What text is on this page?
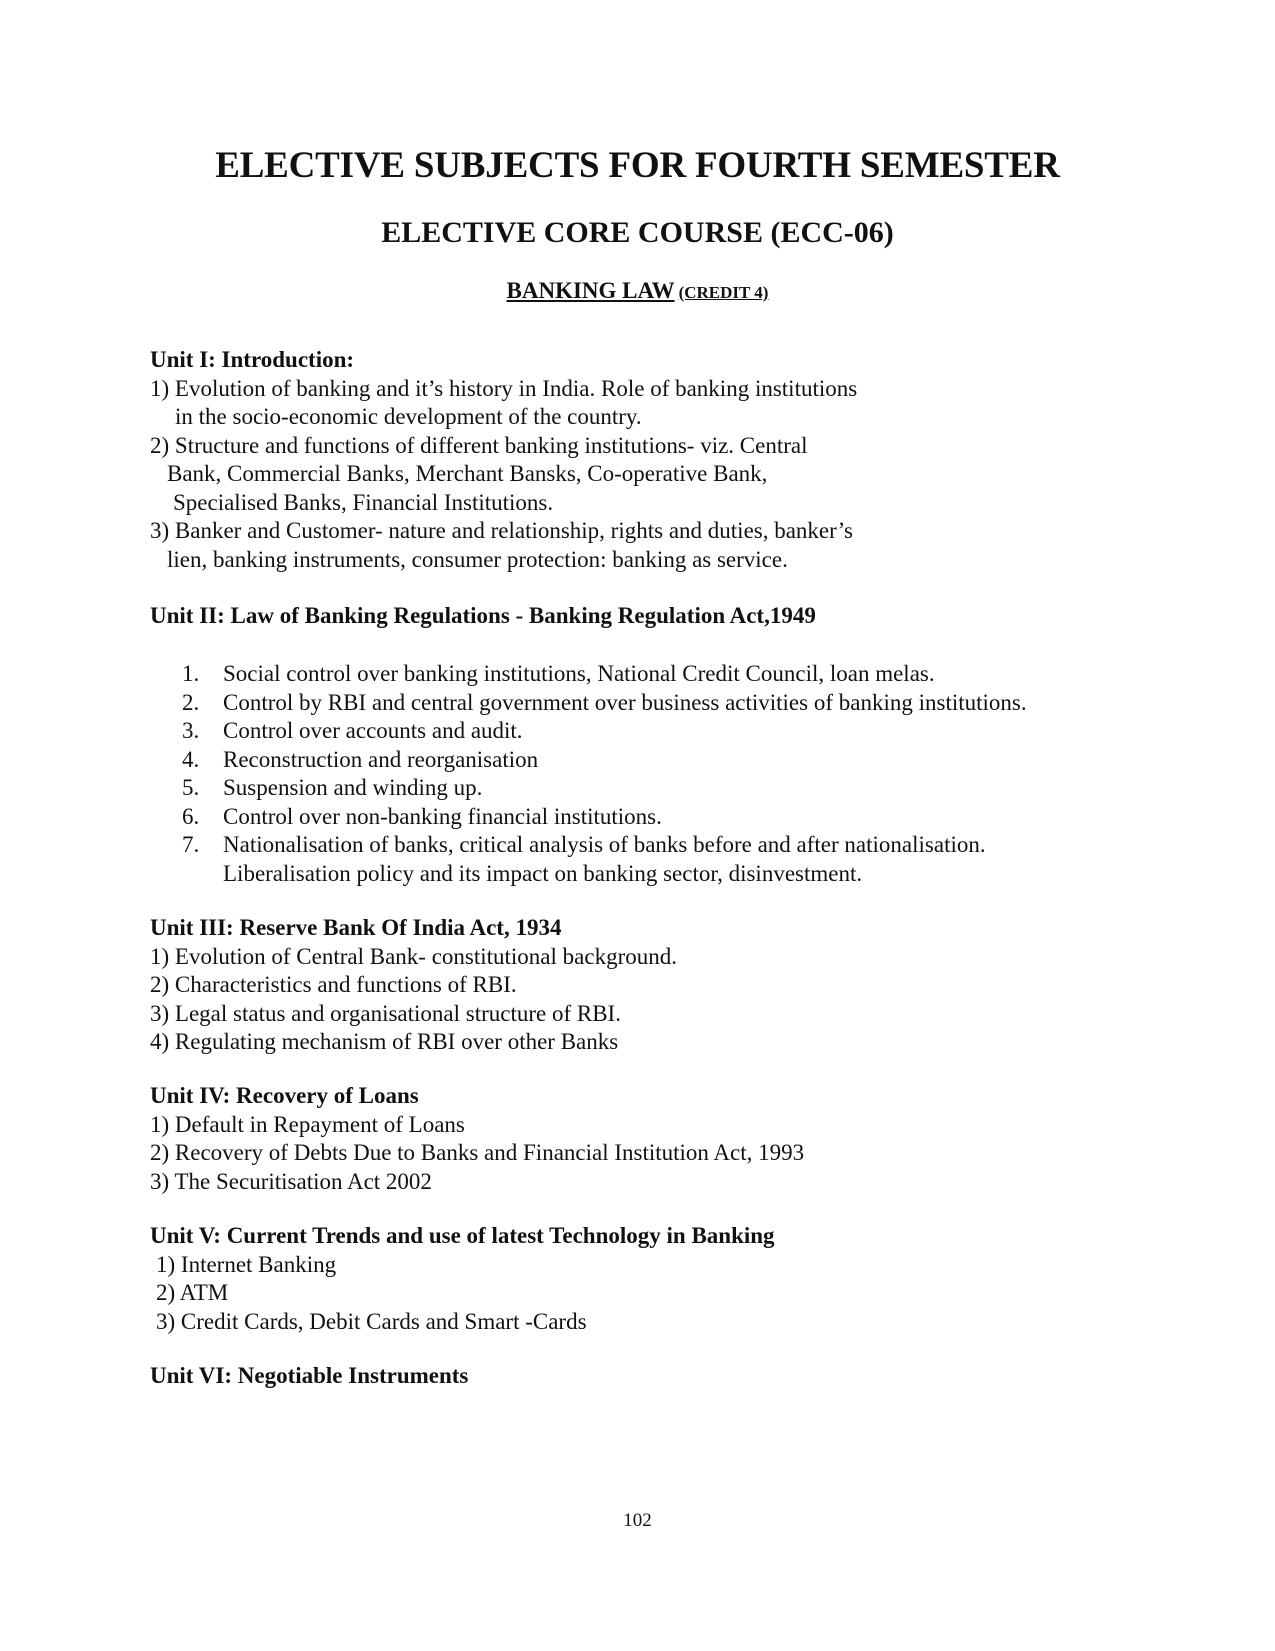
ELECTIVE SUBJECTS FOR FOURTH SEMESTER
ELECTIVE CORE COURSE (ECC-06)

BANKING LAW (CREDIT 4)

Unit I: Introduction:
1) Evolution of banking and it’s history in India. Role of banking institutions
in the socio-economic development of the country.
2) Structure and functions of different banking institutions- viz. Central
Bank, Commercial Banks, Merchant Bansks, Co-operative Bank,
Specialised Banks, Financial Institutions.
3) Banker and Customer- nature and relationship, rights and duties, banker’s
lien, banking instruments, consumer protection: banking as service.
Unit II: Law of Banking Regulations - Banking Regulation Act,1949
1. Social control over banking institutions, National Credit Council, loan melas.
2. Control by RBI and central government over business activities of banking institutions.
3. Control over accounts and audit.
4. Reconstruction and reorganisation
5. Suspension and winding up.
6. Control over non-banking financial institutions.
7. Nationalisation of banks, critical analysis of banks before and after nationalisation.
Liberalisation policy and its impact on banking sector, disinvestment.
Unit III: Reserve Bank Of India Act, 1934
1) Evolution of Central Bank- constitutional background.
2) Characteristics and functions of RBI.
3) Legal status and organisational structure of RBI.
4) Regulating mechanism of RBI over other Banks
Unit IV: Recovery of Loans
1) Default in Repayment of Loans
2) Recovery of Debts Due to Banks and Financial Institution Act, 1993
3) The Securitisation Act 2002
Unit V: Current Trends and use of latest Technology in Banking
1) Internet Banking
2) ATM
3) Credit Cards, Debit Cards and Smart -Cards
Unit VI: Negotiable Instruments

102
